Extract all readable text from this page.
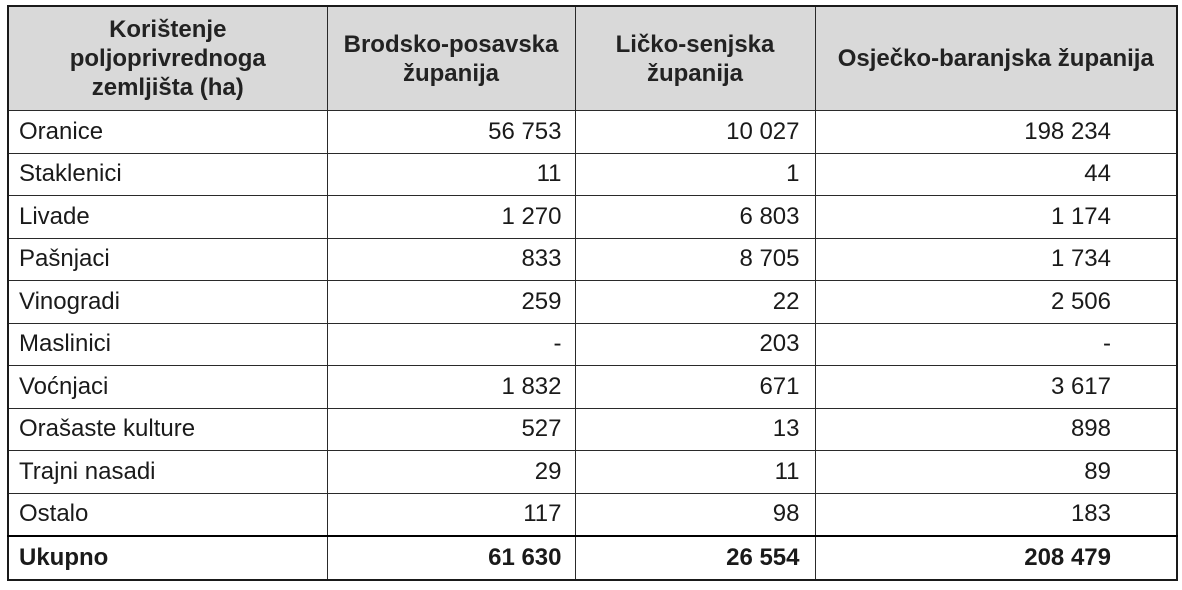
Korištenje poljoprivrednoga zemljišta (ha)	Brodsko-posavska županija	Ličko-senjska županija	Osječko-baranjska županija
Oranice	56 753	10 027	198 234
Staklenici	11	1	44
Livade	1 270	6 803	1 174
Pašnjaci	833	8 705	1 734
Vinogradi	259	22	2 506
Maslinici	-	203	-
Voćnjaci	1 832	671	3 617
Orašaste kulture	527	13	898
Trajni nasadi	29	11	89
Ostalo	117	98	183
Ukupno	61 630	26 554	208 479
